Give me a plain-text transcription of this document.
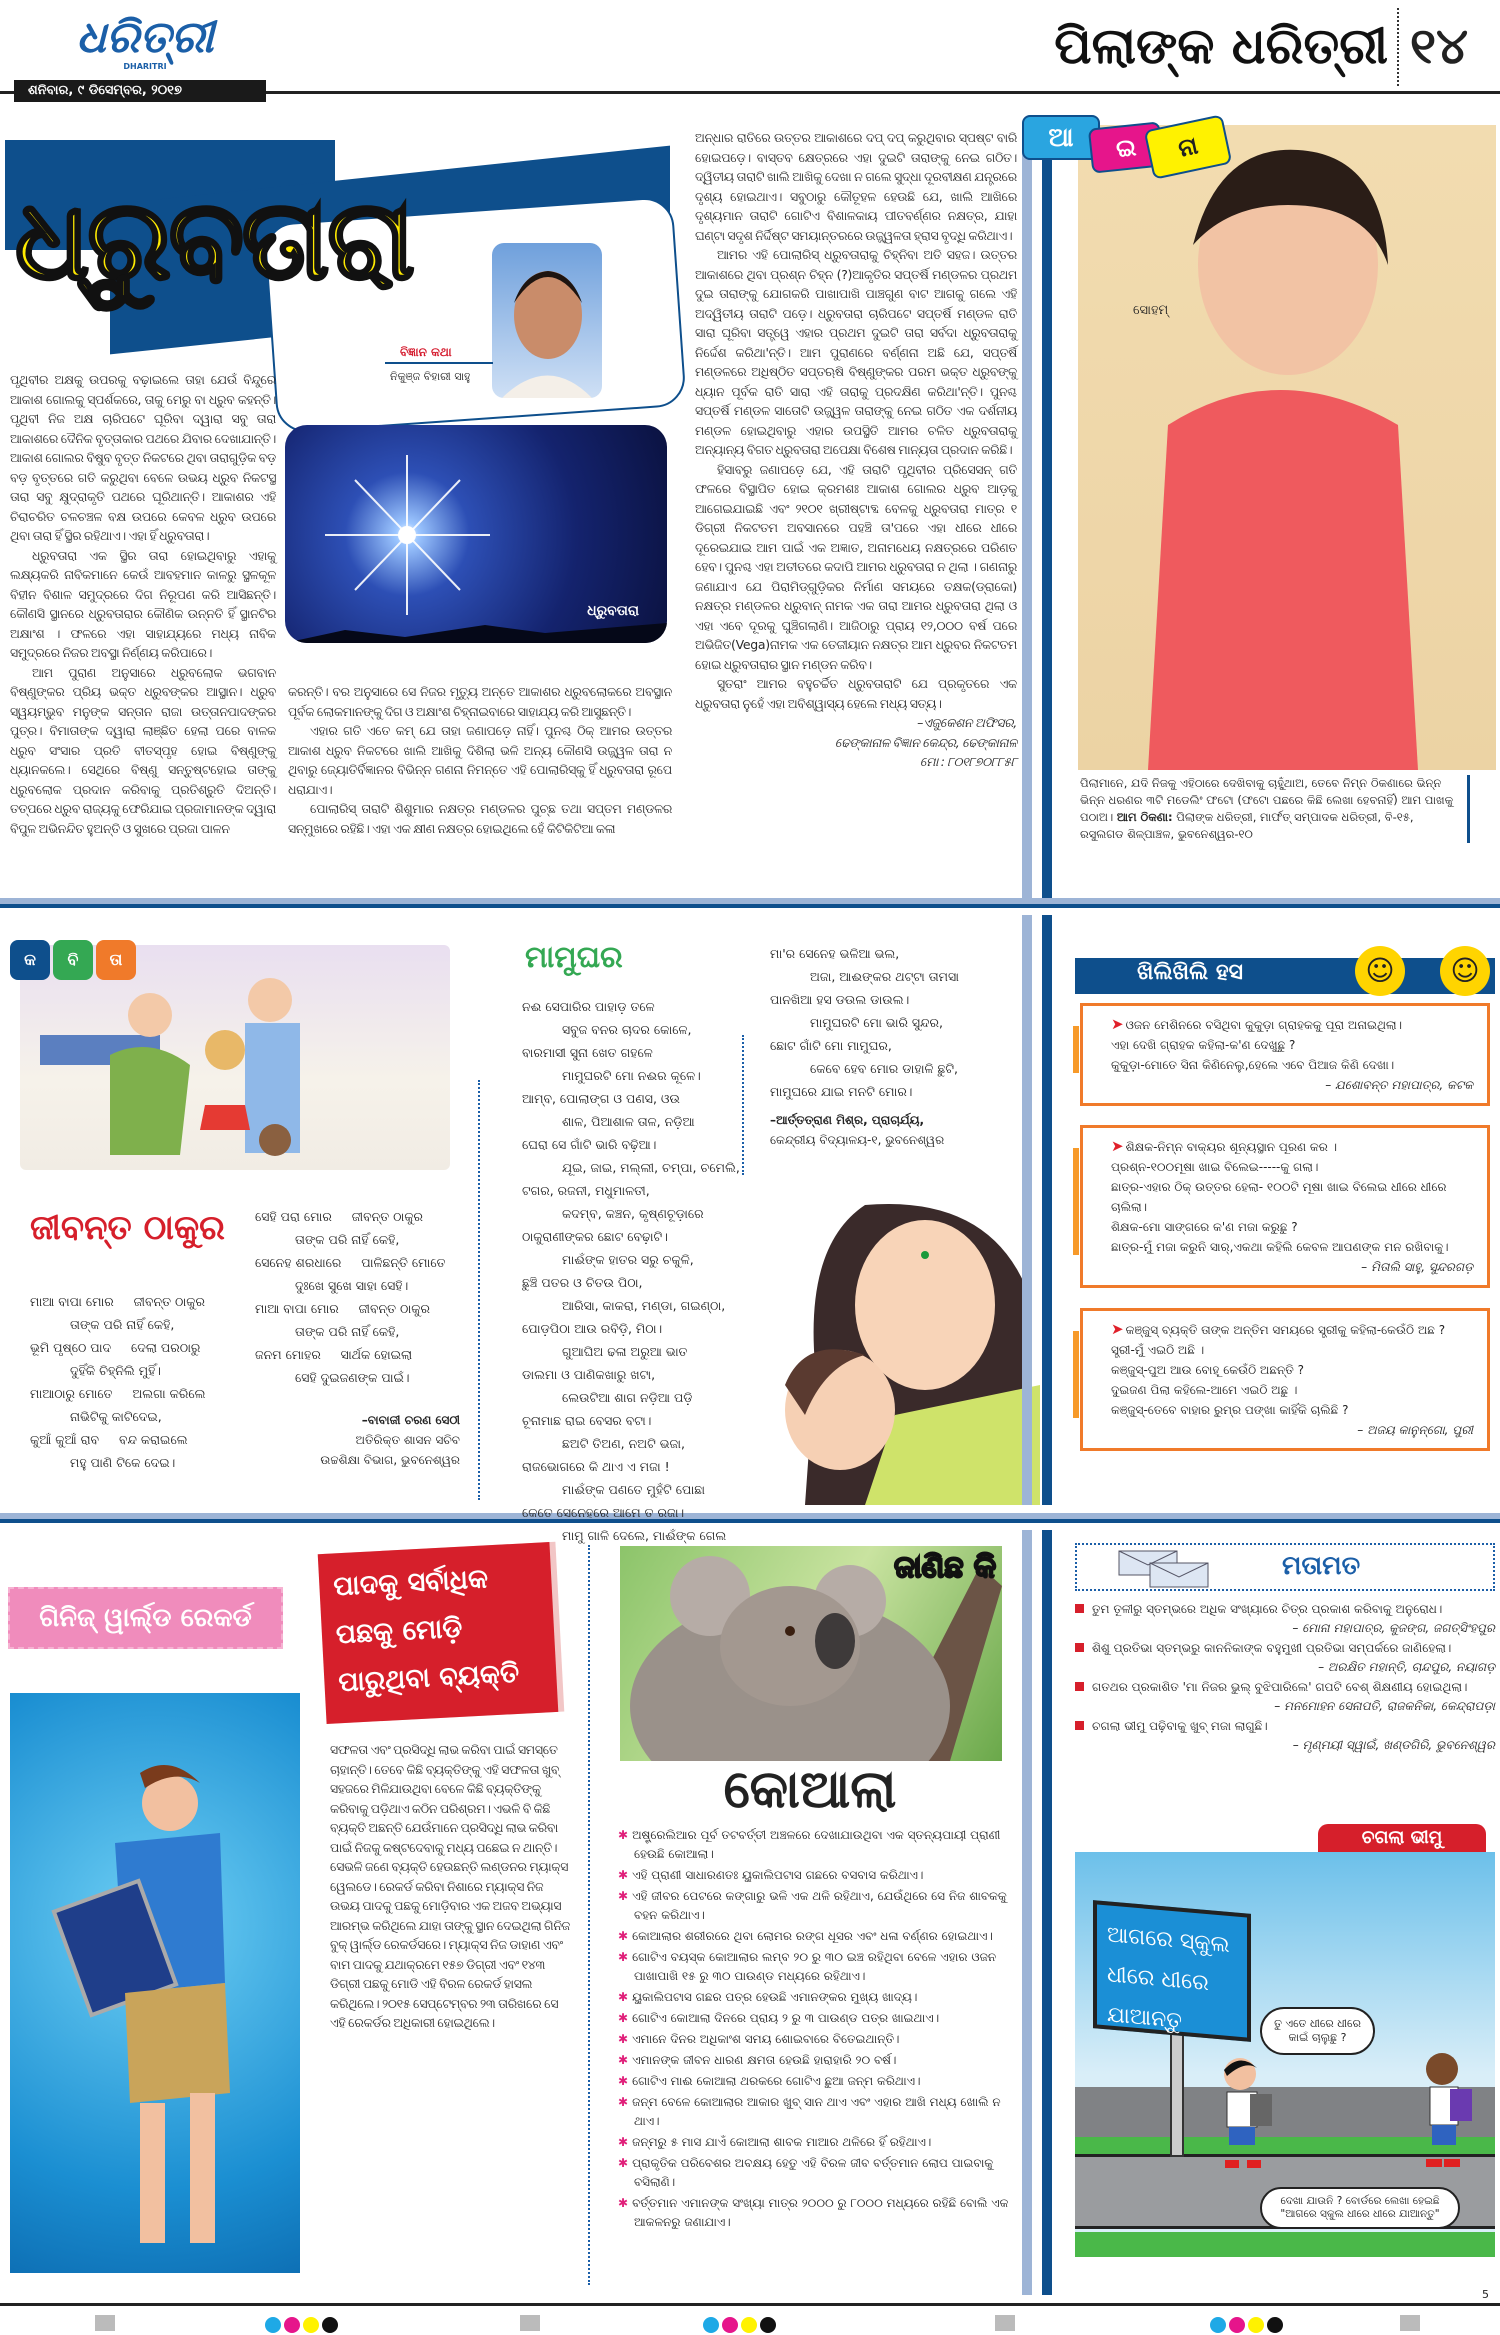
ଧରିତ୍ରୀ
DHARITRI
ଶନିବାର, ୯ ଡିସେମ୍ବର, ୨୦୧୭
୧୪
ପିଲାଙ୍କ ଧରିତ୍ରୀ
ଧ୍ରୁବତାରା
ବିଜ୍ଞାନ କଥା
ନିକୁଞ୍ଜ ବିହାରୀ ସାହୁ
ଧ୍ରୁବତାରା

ପୃଥିବୀର ଅକ୍ଷକୁ ଉପରକୁ ବଢ଼ାଇଲେ ତାହା ଯେଉଁ ବିନ୍ଦୁରେ ଆକାଶ ଗୋଲକୁ ସ୍ପର୍ଶକରେ, ତାକୁ ମେରୁ ବା ଧ୍ରୁବ କହନ୍ତି। ପୃଥିବୀ ନିଜ ଅକ୍ଷ ଚାରିପଟେ ଘୂରିବା ଦ୍ୱାରା ସବୁ ତାରା ଆକାଶରେ ଦୈନିକ ବୃତ୍ତାକାର ପଥରେ ଯିବାର ଦେଖାଯାନ୍ତି। ଆକାଶ ଗୋଲର ବିଷୁବ ବୃତ୍ତ ନିକଟରେ ଥିବା ତାରାଗୁଡ଼ିକ ବଡ଼ ବଡ଼ ବୃତ୍ତରେ ଗତି କରୁଥିବା ବେଳେ ଉଭୟ ଧ୍ରୁବ ନିକଟସ୍ଥ ତାରା ସବୁ କ୍ଷୁଦ୍ରାକୃତି ପଥରେ ଘୂରିଥାନ୍ତି। ଆକାଶର ଏହି ଚିରାଚରିତ ଚଳଚଞ୍ଚଳ ବକ୍ଷ ଉପରେ କେବଳ ଧ୍ରୁବ ଉପରେ ଥିବା ତାରା ହିଁ ସ୍ଥିର ରହିଥାଏ। ଏହା ହିଁ ଧ୍ରୁବତାରା।

ଧ୍ରୁବତାରା ଏକ ସ୍ଥିର ତାରା ହୋଇଥିବାରୁ ଏହାକୁ ଲକ୍ଷ୍ୟକରି ନାବିକମାନେ କେଉଁ ଆବହମାନ କାଳରୁ ସ୍ଥଳକୂଳ ବିହୀନ ବିଶାଳ ସମୁଦ୍ରରେ ଦିଗ ନିରୂପଣ କରି ଆସିଛନ୍ତି। କୌଣସି ସ୍ଥାନରେ ଧ୍ରୁବତାରାର କୌଣିକ ଉନ୍ନତି ହିଁ ସ୍ଥାନଟିର ଅକ୍ଷାଂଶ । ଫଳରେ ଏହା ସାହାଯ୍ୟରେ ମଧ୍ୟ ନାବିକ ସମୁଦ୍ରରେ ନିଜର ଅବସ୍ଥା ନିର୍ଣ୍ଣୟ କରିପାରେ।

ଆମ ପୁରାଣ ଅନୁସାରେ ଧ୍ରୁବଲୋକ ଭଗବାନ ବିଷ୍ଣୁଙ୍କର ପ୍ରିୟ ଭକ୍ତ ଧ୍ରୁବଙ୍କର ଆସ୍ଥାନ। ଧ୍ରୁବ ସ୍ୱୟମ୍ଭୁବ ମନୁଙ୍କ ସନ୍ତାନ ରାଜା ଉତ୍ତାନପାଦଙ୍କର ପୁତ୍ର। ବିମାତାଙ୍କ ଦ୍ୱାରା ଲାଞ୍ଛିତ ହେଲା ପରେ ବାଳକ ଧ୍ରୁବ ସଂସାର ପ୍ରତି ବୀତସ୍ପୃହ ହୋଇ ବିଷ୍ଣୁଙ୍କୁ ଧ୍ୟାନକଲେ। ସେଥିରେ ବିଷ୍ଣୁ ସନ୍ତୁଷ୍ଟହୋଇ ତାଙ୍କୁ ଧ୍ରୁବଲୋକ ପ୍ରଦାନ କରିବାକୁ ପ୍ରତିଶ୍ରୁତି ଦିଅନ୍ତି। ତତ୍ପରେ ଧ୍ରୁବ ରାଜ୍ୟକୁ ଫେରିଯାଇ ପ୍ରଜାମାନଙ୍କ ଦ୍ୱାରା ବିପୁଳ ଅଭିନନ୍ଦିତ ହୁଅନ୍ତି ଓ ସୁଖରେ ପ୍ରଜା ପାଳନ

କରନ୍ତି। ବର ଅନୁସାରେ ସେ ନିଜର ମୃତ୍ୟୁ ଅନ୍ତେ ଆକାଶର ଧ୍ରୁବଲୋକରେ ଅବସ୍ଥାନ ପୂର୍ବକ ଲୋକମାନଙ୍କୁ ଦିଗ ଓ ଅକ୍ଷାଂଶ ଚିହ୍ନାଇବାରେ ସାହାଯ୍ୟ କରି ଆସୁଛନ୍ତି।

ଏହାର ଗତି ଏତେ କମ୍ ଯେ ତାହା ଜଣାପଡ଼େ ନାହିଁ। ପୁନଶ୍ଚ ଠିକ୍ ଆମର ଉତ୍ତର ଆକାଶ ଧ୍ରୁବ ନିକଟରେ ଖାଲି ଆଖିକୁ ଦିଶିଲା ଭଳି ଅନ୍ୟ କୌଣସି ଉଜ୍ଜ୍ୱଳ ତାରା ନ ଥିବାରୁ ଜ୍ୟୋତିର୍ବିଜ୍ଞାନର ବିଭିନ୍ନ ଗଣନା ନିମନ୍ତେ ଏହି ପୋଲାରିସ୍‌କୁ ହିଁ ଧ୍ରୁବତାରା ରୂପେ ଧରାଯାଏ।

ପୋଲାରିସ୍ ତାରାଟି ଶିଶୁମାର ନକ୍ଷତ୍ର ମଣ୍ଡଳର ପୁଚ୍ଛ ତଥା ସପ୍ତମ ମଣ୍ଡଳର ସନ୍ମୁଖରେ ରହିଛି। ଏହା ଏକ କ୍ଷୀଣ ନକ୍ଷତ୍ର ହୋଇଥିଲେ ହେଁ କିଟିକିଟିଆ କଳା

ଅନ୍ଧାର ରାତିରେ ଉତ୍ତର ଆକାଶରେ ଦପ୍ ଦପ୍ କରୁଥିବାର ସ୍ପଷ୍ଟ ବାରି ହୋଇପଡ଼େ। ବାସ୍ତବ କ୍ଷେତ୍ରରେ ଏହା ଦୁଇଟି ତାରାଙ୍କୁ ନେଇ ଗଠିତ। ଦ୍ୱିତୀୟ ତାରାଟି ଖାଲି ଆଖିକୁ ଦେଖା ନ ଗଲେ ସୁଦ୍ଧା ଦୂରବୀକ୍ଷଣ ଯନ୍ତ୍ରରେ ଦୃଶ୍ୟ ହୋଇଥାଏ। ସବୁଠାରୁ କୌତୂହଳ ହେଉଛି ଯେ, ଖାଲି ଆଖିରେ ଦୃଶ୍ୟମାନ ତାରାଟି ଗୋଟିଏ ବିଶାଳକାୟ ପୀତବର୍ଣ୍ଣର ନକ୍ଷତ୍ର, ଯାହା ଘଣ୍ଟା ସଦୃଶ ନିର୍ଦ୍ଦିଷ୍ଟ ସମୟାନ୍ତରରେ ଉଜ୍ଜ୍ୱଳତା ହ୍ରାସ ବୃଦ୍ଧି କରିଥାଏ।

ଆମର ଏହି ପୋଲାରିସ୍ ଧ୍ରୁବତାରାକୁ ଚିହ୍ନିବା ଅତି ସହଜ। ଉତ୍ତର ଆକାଶରେ ଥିବା ପ୍ରଶ୍ନ ଚିହ୍ନ (?)ଆକୃତିର ସପ୍ତର୍ଷି ମଣ୍ଡଳର ପ୍ରଥମ ଦୁଇ ତାରାଙ୍କୁ ଯୋଗକରି ପାଖାପାଖି ପାଞ୍ଚଗୁଣ ବାଟ ଆଗକୁ ଗଲେ ଏହି ଅଦ୍ୱିତୀୟ ତାରାଟି ପଡ଼େ। ଧ୍ରୁବତାରା ଚାରିପଟେ ସପ୍ତର୍ଷି ମଣ୍ଡଳ ରାତି ସାରା ଘୂରିବା ସତ୍ତ୍ୱେ ଏହାର ପ୍ରଥମ ଦୁଇଟି ତାରା ସର୍ବଦା ଧ୍ରୁବତାରାକୁ ନିର୍ଦ୍ଦେଶ କରିଥା'ନ୍ତି। ଆମ ପୁରାଣରେ ବର୍ଣ୍ଣନା ଅଛି ଯେ, ସପ୍ତର୍ଷି ମଣ୍ଡଳରେ ଅଧିଷ୍ଠିତ ସପ୍ତଋଷି ବିଷ୍ଣୁଙ୍କର ପରମ ଭକ୍ତ ଧ୍ରୁବଙ୍କୁ ଧ୍ୟାନ ପୂର୍ବକ ରାତି ସାରା ଏହି ତାରାକୁ ପ୍ରଦକ୍ଷିଣ କରିଥା'ନ୍ତି। ପୁନଶ୍ଚ ସପ୍ତର୍ଷି ମଣ୍ଡଳ ସାତୋଟି ଉଜ୍ଜ୍ୱଳ ତାରାଙ୍କୁ ନେଇ ଗଠିତ ଏକ ଦର୍ଶନୀୟ ମଣ୍ଡଳ ହୋଇଥିବାରୁ ଏହାର ଉପସ୍ଥିତି ଆମର ଚଳିତ ଧ୍ରୁବତାରାକୁ ଅନ୍ୟାନ୍ୟ ବିଗତ ଧ୍ରୁବତାରା ଅପେକ୍ଷା ବିଶେଷ ମାନ୍ୟତା ପ୍ରଦାନ କରିଛି।

ହିସାବରୁ ଜଣାପଡ଼େ ଯେ, ଏହି ତାରାଟି ପୃଥିବୀର ପ୍ରିସେସନ୍ ଗତି ଫଳରେ ବିସ୍ଥାପିତ ହୋଇ କ୍ରମଶଃ ଆକାଶ ଗୋଲର ଧ୍ରୁବ ଆଡ଼କୁ ଆଗେଇଯାଇଛି ଏବଂ ୨୧୦୧ ଖ୍ରୀଷ୍ଟାବ୍ଦ ବେଳକୁ ଧ୍ରୁବତାରା ମାତ୍ର ୧ ଡିଗ୍ରୀ ନିକଟତମ ଅବସାନରେ ପହଞ୍ଚି ତା'ପରେ ଏହା ଧୀରେ ଧୀରେ ଦୂରେଇଯାଇ ଆମ ପାଇଁ ଏକ ଅଜ୍ଞାତ, ଅନାମଧେୟ ନକ୍ଷତ୍ରରେ ପରିଣତ ହେବ। ପୁନଶ୍ଚ ଏହା ଅତୀତରେ କଦାପି ଆମର ଧ୍ରୁବତାରା ନ ଥିଲା । ଗଣନାରୁ ଜଣାଯାଏ ଯେ ପିରାମିଡ୍‌ଗୁଡ଼ିକର ନିର୍ମାଣ ସମୟରେ ତକ୍ଷକ(ଡ୍ରାକୋ) ନକ୍ଷତ୍ର ମଣ୍ଡଳର ଧ୍ରୁବାନ୍ ନାମକ ଏକ ତାରା ଆମର ଧ୍ରୁବତାରା ଥିଲା ଓ ଏହା ଏବେ ଦୂରକୁ ଘୁଞ୍ଚିଗଲାଣି। ଆଜିଠାରୁ ପ୍ରାୟ ୧୨,୦୦୦ ବର୍ଷ ପରେ ଅଭିଜିତ(Vega)ନାମକ ଏକ ତେଜୀୟାନ ନକ୍ଷତ୍ର ଆମ ଧ୍ରୁବର ନିକଟତମ ହୋଇ ଧ୍ରୁବତାରାର ସ୍ଥାନ ମଣ୍ଡନ କରିବ।

ସୁତରାଂ ଆମର ବହୁଚର୍ଚ୍ଚିତ ଧ୍ରୁବତାରାଟି ଯେ ପ୍ରକୃତରେ ଏକ ଧ୍ରୁବତାରା ନୁହେଁ ଏହା ଅବିଶ୍ୱାସ୍ୟ ହେଲେ ମଧ୍ୟ ସତ୍ୟ।

–ଏଜୁକେଶନ ଅଫିସର,
ଢେଙ୍କାନାଳ ବିଜ୍ଞାନ କେନ୍ଦ୍ର, ଢେଙ୍କାନାଳ
ମୋ : ୮୦୧୮୭୦୮୮୫୮
ସୋହମ୍
ଆ	ଇ	ନା
ପିଲାମାନେ, ଯଦି ନିଜକୁ ଏହିଠାରେ ଦେଖିବାକୁ ଚାହୁଁଥାଅ, ତେବେ ନିମ୍ନ ଠିକଣାରେ ଭିନ୍ନ ଭିନ୍ନ ଧରଣର ୩ଟି ମଡେଲିଂ ଫଟୋ (ଫଟୋ ପଛରେ କିଛି ଲେଖା ହେବନାହିଁ) ଆମ ପାଖକୁ ପଠାଅ। ଆମ ଠିକଣା: ପିଲାଙ୍କ ଧରିତ୍ରୀ, ମାର୍ଫତ୍ ସମ୍ପାଦକ ଧରିତ୍ରୀ, ବି-୧୫, ରସୁଲଗଡ ଶିଳ୍ପାଞ୍ଚଳ, ଭୁବନେଶ୍ୱର-୧୦
କ	ବି	ତା
ଜୀବନ୍ତ ଠାକୁର
ମାଆ ବାପା ମୋର     ଜୀବନ୍ତ ଠାକୁର
ତାଙ୍କ ପରି ନାହିଁ କେହି,
ଭୂମି ପୃଷ୍ଠେ ପାଦ     ଦେଲା ପରଠାରୁ
ଦୁହିଁକି ଚିହ୍ନିଲି ମୁହିଁ।
ମାଆଠାରୁ ମୋତେ     ଅଲଗା କରିଲେ
ନାଭିଟିକୁ କାଟିଦେଇ,
କୁଆଁ କୁଆଁ ରାବ     ବନ୍ଦ କରାଇଲେ
ମହୁ ପାଣି ଟିକେ ଦେଇ।
ସେହି ପରା ମୋର     ଜୀବନ୍ତ ଠାକୁର
ତାଙ୍କ ପରି ନାହିଁ କେହି,
ସେନେହ ଶରଧାରେ     ପାଳିଛନ୍ତି ମୋତେ
ଦୁଃଖେ ସୁଖେ ସାହା ସେହି।
ମାଆ ବାପା ମୋର     ଜୀବନ୍ତ ଠାକୁର
ତାଙ୍କ ପରି ନାହିଁ କେହି,
ଜନମ ମୋହର     ସାର୍ଥକ ହୋଇଲା
ସେହି ଦୁଇଜଣଙ୍କ ପାଇଁ।
–ବାବାଜୀ ଚରଣ ସେଠୀ
ଅତିରିକ୍ତ ଶାସନ ସଚିବ
ଉଚ୍ଚଶିକ୍ଷା ବିଭାଗ, ଭୁବନେଶ୍ୱର
ମାମୁଘର
ନଈ ସେପାରିର ପାହାଡ଼ ତଳେ
ସବୁଜ ବନର ଚାଦର କୋଳେ,
ବାରମାସୀ ସୁନା ଖେତ ଗହଳେ
ମାମୁଘରଟି ମୋ ନଈର କୂଳେ।
ଆମ୍ବ, ପୋଲାଙ୍ଗ ଓ ପଣସ, ଓଉ
ଶାଳ, ପିଆଶାଳ ତାଳ, ନଡ଼ିଆ
ଘେରା ସେ ଗାଁଟି ଭାରି ବଢ଼ିଆ।
ଯୂଇ, ଜାଇ, ମଲ୍ଲୀ, ଚମ୍ପା, ଚମେଲି,
ଟଗର, ରଜନୀ, ମଧୁମାଳତୀ,
କଦମ୍ବ, କଞ୍ଚନ, କୃଷ୍ଣଚୂଡ଼ାରେ
ଠାକୁରାଣୀଙ୍କର ଛୋଟ ବେଢ଼ାଟି।
ମାଈଁଙ୍କ ହାତର ସରୁ ଚକୁଳି,
ଛୁଞ୍ଚି ପତର ଓ ଚିତଉ ପିଠା,
ଆରିସା, କାକରା, ମଣ୍ଡା, ଗଇଣ୍ଠା,
ପୋଡ଼ପିଠା ଆଉ ରବିଡ଼ି, ମିଠା।
ଗୁଆଘିଅ ଢଳା ଅରୁଆ ଭାତ
ଡାଲମା ଓ ପାଣିକଖାରୁ ଖଟା,
ଲେଉଟିଆ ଶାଗ ନଡ଼ିଆ ପଡ଼ି
ଚୂନାମାଛ ରାଇ ବେସର ବଟା।
ଛଅଟି ତିଅଣ, ନଅଟି ଭଜା,
ରାଜଭୋଗରେ କି ଥାଏ ଏ ମଜା !
ମାଈଁଙ୍କ ପଣତେ ମୁହଁଟି ପୋଛା
କେତେ ସେନେହରେ ଆମେ ତ ରଜା।
ମାମୁ ଗାଳି ଦେଲେ, ମାଈଁଙ୍କ ଗେଲ
ମା'ର ସେନେହ ଭଳିଆ ଭଲ,
ଅଜା, ଆଈଙ୍କର ଥଟ୍ଟା ତାମସା
ପାନଖିଆ ହସ ଡଉଲ ଡାଉଲ।
ମାମୁଘରଟି ମୋ ଭାରି ସୁନ୍ଦର,
ଛୋଟ ଗାଁଟି ମୋ ମାମୁଘର,
କେବେ ହେବ ମୋର ଡାହାଳି ଛୁଟି,
ମାମୁଘରେ ଯାଇ ମନଟି ମୋର।
–ଆର୍ତ୍ତତ୍ରାଣ ମିଶ୍ର, ପ୍ରାଚାର୍ଯ୍ୟ,
କେନ୍ଦ୍ରୀୟ ବିଦ୍ୟାଳୟ-୧, ଭୁବନେଶ୍ୱର
ଖିଲିଖିଲି ହସ	☺	☺
➤ ଓଜନ ମେଶିନରେ ବସିଥିବା କୁକୁଡ଼ା ଗ୍ରାହକକୁ ପୂରା ଅନାଇଥିଲା।
ଏହା ଦେଖି ଗ୍ରାହକ କହିଲା-କ'ଣ ଦେଖୁଛୁ ?
କୁକୁଡ଼ା-ମୋତେ ସିନା କିଣିନେଲୁ,ହେଲେ ଏବେ ପିଆଜ କିଣି ଦେଖା।
– ଯଶୋବନ୍ତ ମହାପାତ୍ର, କଟକ
➤ ଶିକ୍ଷକ-ନିମ୍ନ ବାକ୍ୟର ଶୂନ୍ୟସ୍ଥାନ ପୂରଣ କର ।
ପ୍ରଶ୍ନ-୧୦୦ମୂଷା ଖାଇ ବିଲେଇ-----କୁ ଗଲା।
ଛାତ୍ର-ଏହାର ଠିକ୍ ଉତ୍ତର ହେଲା- ୧୦୦ଟି ମୂଷା ଖାଇ ବିଲେଇ ଧୀରେ ଧୀରେ ଚାଲିଲା।
ଶିକ୍ଷକ-ମୋ ସାଙ୍ଗରେ କ'ଣ ମଜା କରୁଛୁ ?
ଛାତ୍ର-ମୁଁ ମଜା କରୁନି ସାର୍,ଏକଥା କହିଲି କେବଳ ଆପଣଙ୍କ ମନ ରଖିବାକୁ।
– ମିତାଲି ସାହୁ, ସୁନ୍ଦରଗଡ଼
➤ କଞ୍ଜୁସ୍ ବ୍ୟକ୍ତି ତାଙ୍କ ଅନ୍ତିମ ସମୟରେ ସ୍ତ୍ରୀକୁ କହିଲା-କେଉଁଠି ଅଛ ?
ସ୍ତ୍ରୀ-ମୁଁ ଏଇଠି ଅଛି ।
କଞ୍ଜୁସ୍-ପୁଅ ଆଉ ବୋହୂ କେଉଁଠି ଅଛନ୍ତି ?
ଦୁଇଜଣ ପିଲା କହିଲେ-ଆମେ ଏଇଠି ଅଛୁ ।
କଞ୍ଜୁସ୍-ତେବେ ବାହାର ରୁମ୍‌ର ପଙ୍ଖା କାହିଁକି ଚାଲିଛି ?
– ଅଜୟ କାନୁନ୍‌ଗୋ, ପୁରୀ
ଗିନିଜ୍ ୱାର୍ଲ୍ଡ ରେକର୍ଡ
ପାଦକୁ ସର୍ବାଧିକ ପଛକୁ ମୋଡ଼ି ପାରୁଥିବା ବ୍ୟକ୍ତି

ସଫଳତା ଏବଂ ପ୍ରସିଦ୍ଧି ଲାଭ କରିବା ପାଇଁ ସମସ୍ତେ ଚାହାନ୍ତି। ତେବେ କିଛି ବ୍ୟକ୍ତିଙ୍କୁ ଏହି ସଫଳତା ଖୁବ୍ ସହଜରେ ମିଳିଯାଉଥିବା ବେଳେ କିଛି ବ୍ୟକ୍ତିଙ୍କୁ କରିବାକୁ ପଡ଼ିଥାଏ କଠିନ ପରିଶ୍ରମ। ଏଭଳି ବି କିଛି ବ୍ୟକ୍ତି ଅଛନ୍ତି ଯେଉଁମାନେ ପ୍ରସିଦ୍ଧି ଲାଭ କରିବା ପାଇଁ ନିଜକୁ କଷ୍ଟଦେବାକୁ ମଧ୍ୟ ପଛେଇ ନ ଥାନ୍ତି। ସେଭଳି ଜଣେ ବ୍ୟକ୍ତି ହେଉଛନ୍ତି ଲଣ୍ଡନର ମ୍ୟାକ୍ସ ୱେଲଡେ। ରେକର୍ଡ କରିବା ନିଶାରେ ମ୍ୟାକ୍ସ ନିଜ ଉଭୟ ପାଦକୁ ପଛକୁ ମୋଡ଼ିବାର ଏକ ଅଜବ ଅଭ୍ୟାସ ଆରମ୍ଭ କରିଥିଲେ ଯାହା ତାଙ୍କୁ ସ୍ଥାନ ଦେଇଥିଲା ଗିନିଜ ବୁକ୍ ୱାର୍ଲ୍ଡ ରେକର୍ଡସରେ। ମ୍ୟାକ୍ସ ନିଜ ଡାହାଣ ଏବଂ ବାମ ପାଦକୁ ଯଥାକ୍ରମେ ୧୫୭ ଡିଗ୍ରୀ ଏବଂ ୧୪୩ ଡିଗ୍ରୀ ପଛକୁ ମୋଡି ଏହି ବିରଳ ରେକର୍ଡ ହାସଲ କରିଥିଲେ। ୨୦୧୫ ସେପ୍ଟେମ୍ବର ୨୩ ତାରିଖରେ ସେ ଏହି ରେକର୍ଡର ଅଧିକାରୀ ହୋଇଥିଲେ।

ଜାଣିଛ କି
କୋଆଲା
✱ ଅଷ୍ଟ୍ରେଲିଆର ପୂର୍ବ ତଟବର୍ତ୍ତୀ ଅଞ୍ଚଳରେ ଦେଖାଯାଉଥିବା ଏକ ସ୍ତନ୍ୟପାୟୀ ପ୍ରାଣୀ ହେଉଛି କୋଆଲା।
✱ ଏହି ପ୍ରାଣୀ ସାଧାରଣତଃ ୟୁକାଲିପଟାସ ଗଛରେ ବସବାସ କରିଥାଏ।
✱ ଏହି ଜୀବର ପେଟରେ କଙ୍ଗାରୁ ଭଳି ଏକ ଥଳି ରହିଥାଏ, ଯେଉଁଥିରେ ସେ ନିଜ ଶାବକକୁ ବହନ କରିଥାଏ।
✱ କୋଆଲାର ଶରୀରରେ ଥିବା ଲୋମର ରଙ୍ଗ ଧୂସର ଏବଂ ଧଳା ବର୍ଣ୍ଣର ହୋଇଥାଏ।
✱ ଗୋଟିଏ ବୟସ୍କ କୋଆଲାର ଲମ୍ବ ୨୦ ରୁ ୩୦ ଇଞ୍ଚ ରହିଥିବା ବେଳେ ଏହାର ଓଜନ ପାଖାପାଖି ୧୫ ରୁ ୩୦ ପାଉଣ୍ଡ ମଧ୍ୟରେ ରହିଥାଏ।
✱ ୟୁକାଲିପଟାସ ଗଛର ପତ୍ର ହେଉଛି ଏମାନଙ୍କର ମୁଖ୍ୟ ଖାଦ୍ୟ।
✱ ଗୋଟିଏ କୋଆଲା ଦିନରେ ପ୍ରାୟ ୨ ରୁ ୩ ପାଉଣ୍ଡ ପତ୍ର ଖାଇଥାଏ।
✱ ଏମାନେ ଦିନର ଅଧିକାଂଶ ସମୟ ଶୋଇବାରେ ବିତେଇଥାନ୍ତି।
✱ ଏମାନଙ୍କ ଜୀବନ ଧାରଣ କ୍ଷମତା ହେଉଛି ହାରାହାରି ୨୦ ବର୍ଷ।
✱ ଗୋଟିଏ ମାଈ କୋଆଲା ଥରକରେ ଗୋଟିଏ ଛୁଆ ଜନ୍ମ କରିଥାଏ।
✱ ଜନ୍ମ ବେଳେ କୋଆଲାର ଆକାର ଖୁବ୍ ସାନ ଥାଏ ଏବଂ ଏହାର ଆଖି ମଧ୍ୟ ଖୋଲି ନ ଥାଏ।
✱ ଜନ୍ମରୁ ୫ ମାସ ଯାଏଁ କୋଆଲା ଶାବକ ମାଆର ଥଳିରେ ହିଁ ରହିଥାଏ।
✱ ପ୍ରାକୃତିକ ପରିବେଶର ଅବକ୍ଷୟ ହେତୁ ଏହି ବିରଳ ଜୀବ ବର୍ତ୍ତମାନ ଲୋପ ପାଇବାକୁ ବସିଲାଣି।
✱ ବର୍ତ୍ତମାନ ଏମାନଙ୍କ ସଂଖ୍ୟା ମାତ୍ର ୨୦୦୦ ରୁ ୮୦୦୦ ମଧ୍ୟରେ ରହିଛି ବୋଲି ଏକ ଆକଳନରୁ ଜଣାଯାଏ।
ମତାମତ
ତୁମ ତୂଳୀରୁ ସ୍ତମ୍ଭରେ ଅଧିକ ସଂଖ୍ୟାରେ ଚିତ୍ର ପ୍ରକାଶ କରିବାକୁ ଅନୁରୋଧ।
– ମୋନା ମହାପାତ୍ର, କୁଜଙ୍ଗ, ଜଗତ୍‌ସିଂହପୁର
ଶିଶୁ ପ୍ରତିଭା ସ୍ତମ୍ଭରୁ କାନନିକାଙ୍କ ବହୁମୁଖୀ ପ୍ରତିଭା ସମ୍ପର୍କରେ ଜାଣିହେଲା।
– ଅରକ୍ଷିତ ମହାନ୍ତି, ଚାନ୍ଦପୁର, ନୟାଗଡ଼
ଗତଥର ପ୍ରକାଶିତ 'ମା ନିଜର ଭୁଲ୍ ବୁଝିପାରିଲେ' ଗପଟି ବେଶ୍ ଶିକ୍ଷଣୀୟ ହୋଇଥିଲା।
– ମନମୋହନ ସେନାପତି, ରାଜକନିକା, କେନ୍ଦ୍ରାପଡ଼ା
ଚଗଲା ଭୀମୁ ପଢ଼ିବାକୁ ଖୁବ୍ ମଜା ଲାଗୁଛି।
– ମୃଣ୍ମୟୀ ସ୍ୱାଇଁ, ଖଣ୍ଡଗିରି, ଭୁବନେଶ୍ୱର
ଆଗରେ ସ୍କୁଲ ଧୀରେ ଧୀରେ ଯାଆନ୍ତୁ	ତୁ ଏତେ ଧୀରେ ଧୀରେ କାଇଁ ଚାଲୁଛୁ ?
ଦେଖା ଯାଉନି ? ବୋର୍ଡରେ ଲେଖା ହେଇଛି "ଆଗରେ ସ୍କୁଲ ଧୀରେ ଧୀରେ ଯାଆନ୍ତୁ"
ଚଗଲା ଭୀମୁ
5
